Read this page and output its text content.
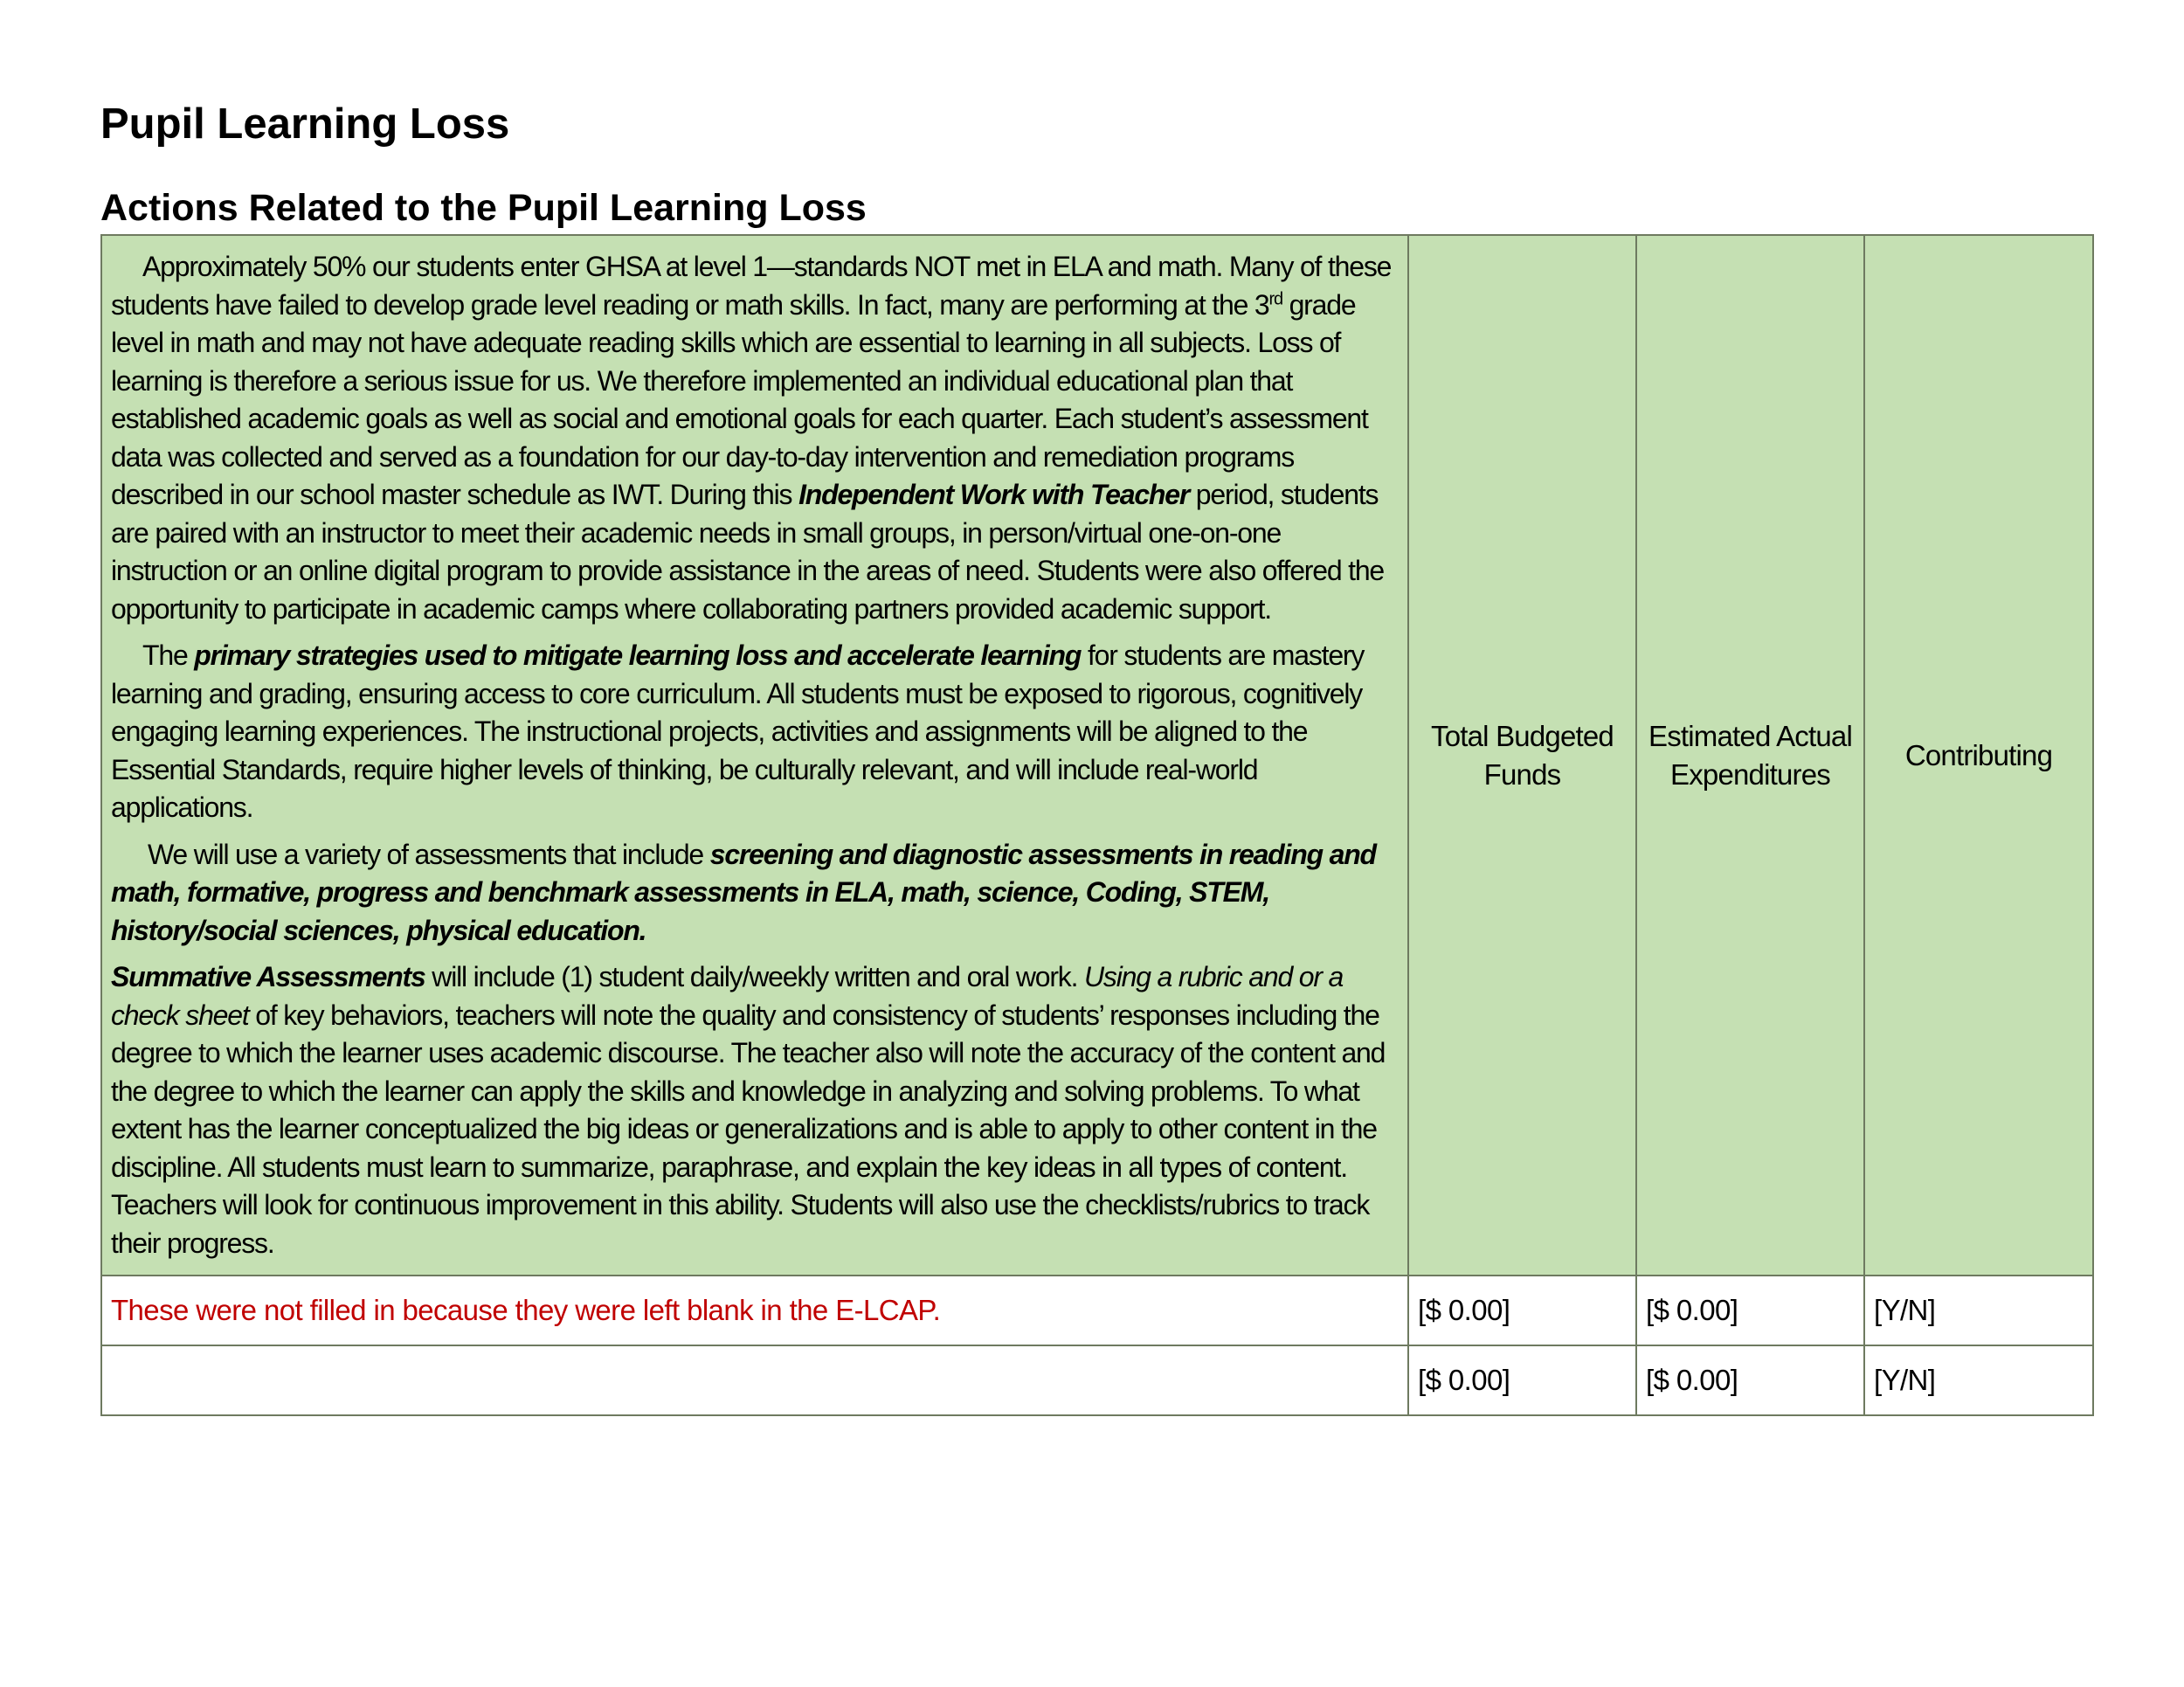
Pupil Learning Loss
Actions Related to the Pupil Learning Loss

Approximately 50% our students enter GHSA at level 1—standards NOT met in ELA and math. Many of these students have failed to develop grade level reading or math skills. In fact, many are performing at the 3rd grade level in math and may not have adequate reading skills which are essential to learning in all subjects. Loss of learning is therefore a serious issue for us. We therefore implemented an individual educational plan that established academic goals as well as social and emotional goals for each quarter. Each student’s assessment data was collected and served as a foundation for our day-to-day intervention and remediation programs described in our school master schedule as IWT. During this Independent Work with Teacher period, students are paired with an instructor to meet their academic needs in small groups, in person/virtual one-on-one instruction or an online digital program to provide assistance in the areas of need. Students were also offered the opportunity to participate in academic camps where collaborating partners provided academic support.

The primary strategies used to mitigate learning loss and accelerate learning for students are mastery learning and grading, ensuring access to core curriculum. All students must be exposed to rigorous, cognitively engaging learning experiences. The instructional projects, activities and assignments will be aligned to the Essential Standards, require higher levels of thinking, be culturally relevant, and will include real-world applications.

We will use a variety of assessments that include screening and diagnostic assessments in reading and math, formative, progress and benchmark assessments in ELA, math, science, Coding, STEM, history/social sciences, physical education.

Summative Assessments will include (1) student daily/weekly written and oral work. Using a rubric and or a check sheet of key behaviors, teachers will note the quality and consistency of students’ responses including the degree to which the learner uses academic discourse. The teacher also will note the accuracy of the content and the degree to which the learner can apply the skills and knowledge in analyzing and solving problems. To what extent has the learner conceptualized the big ideas or generalizations and is able to apply to other content in the discipline. All students must learn to summarize, paraphrase, and explain the key ideas in all types of content. Teachers will look for continuous improvement in this ability. Students will also use the checklists/rubrics to track their progress.	Total Budgeted Funds	Estimated Actual Expenditures	Contributing
These were not filled in because they were left blank in the E-LCAP.	[$ 0.00]	[$ 0.00]	[Y/N]
	[$ 0.00]	[$ 0.00]	[Y/N]
